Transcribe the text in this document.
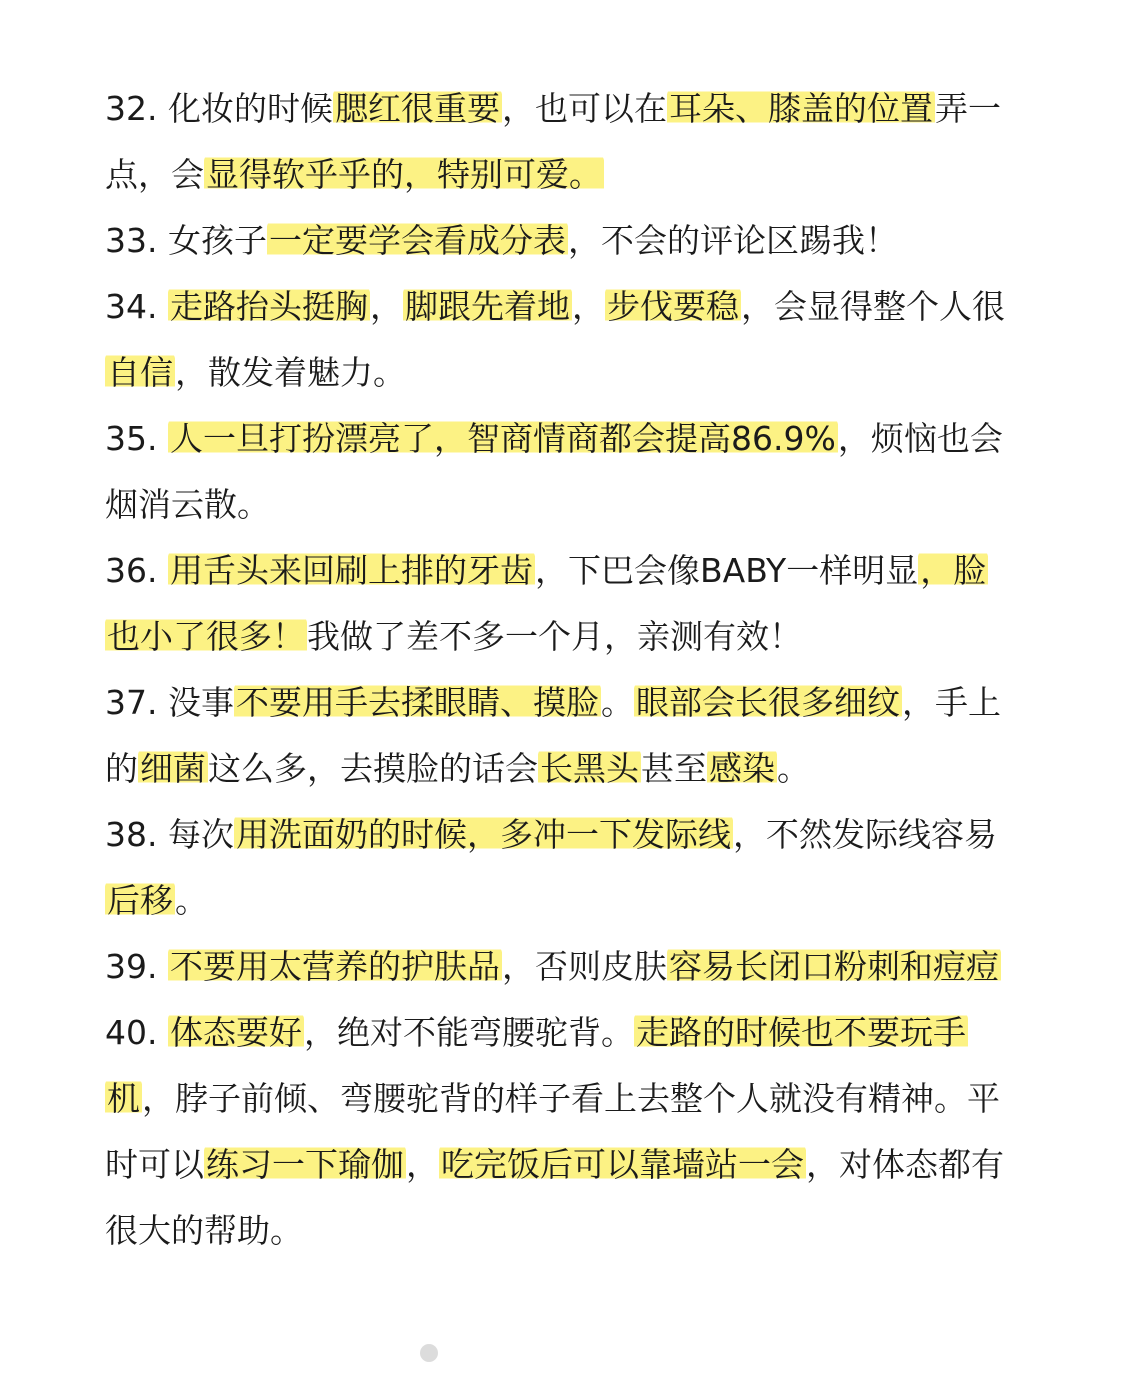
32. 化妆的时候腮红很重要，也可以在耳朵、膝盖的位置弄一点，会显得软乎乎的，特别可爱。

33. 女孩子一定要学会看成分表，不会的评论区踢我！

34. 走路抬头挺胸，脚跟先着地，步伐要稳，会显得整个人很自信，散发着魅力。

35. 人一旦打扮漂亮了，智商情商都会提高86.9%，烦恼也会烟消云散。

36. 用舌头来回刷上排的牙齿，下巴会像BABY一样明显，脸也小了很多！我做了差不多一个月，亲测有效！

37. 没事不要用手去揉眼睛、摸脸。眼部会长很多细纹，手上的细菌这么多，去摸脸的话会长黑头甚至感染。

38. 每次用洗面奶的时候，多冲一下发际线，不然发际线容易后移。

39. 不要用太营养的护肤品，否则皮肤容易长闭口粉刺和痘痘

40. 体态要好，绝对不能弯腰驼背。走路的时候也不要玩手机，脖子前倾、弯腰驼背的样子看上去整个人就没有精神。平时可以练习一下瑜伽，吃完饭后可以靠墙站一会，对体态都有很大的帮助。
